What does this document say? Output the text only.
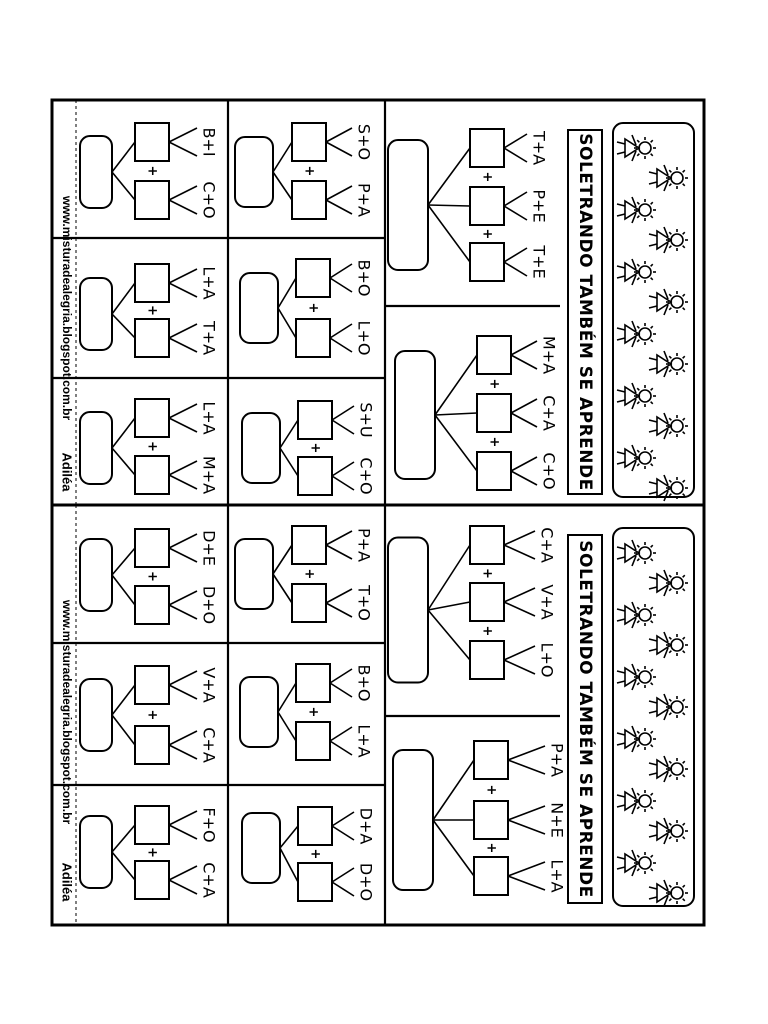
SOLETRANDO TAMBÉM SE APRENDE
T+A
+
P+E
+
T+E
M+A
+
C+A
+
C+O
S+O
+
P+A
B+O
+
L+O
S+U
+
C+O
B+I
+
C+O
L+A
+
T+A
L+A
+
M+A
www.misturadealegria.blogspot.com.br
Adiléa
SOLETRANDO TAMBÉM SE APRENDE
C+A
+
V+A
+
L+O
P+A
+
N+E
+
L+A
P+A
+
T+O
B+O
+
L+A
D+A
+
D+O
D+E
+
D+O
V+A
+
C+A
F+O
+
C+A
www.misturadealegria.blogspot.com.br
Adiléa
